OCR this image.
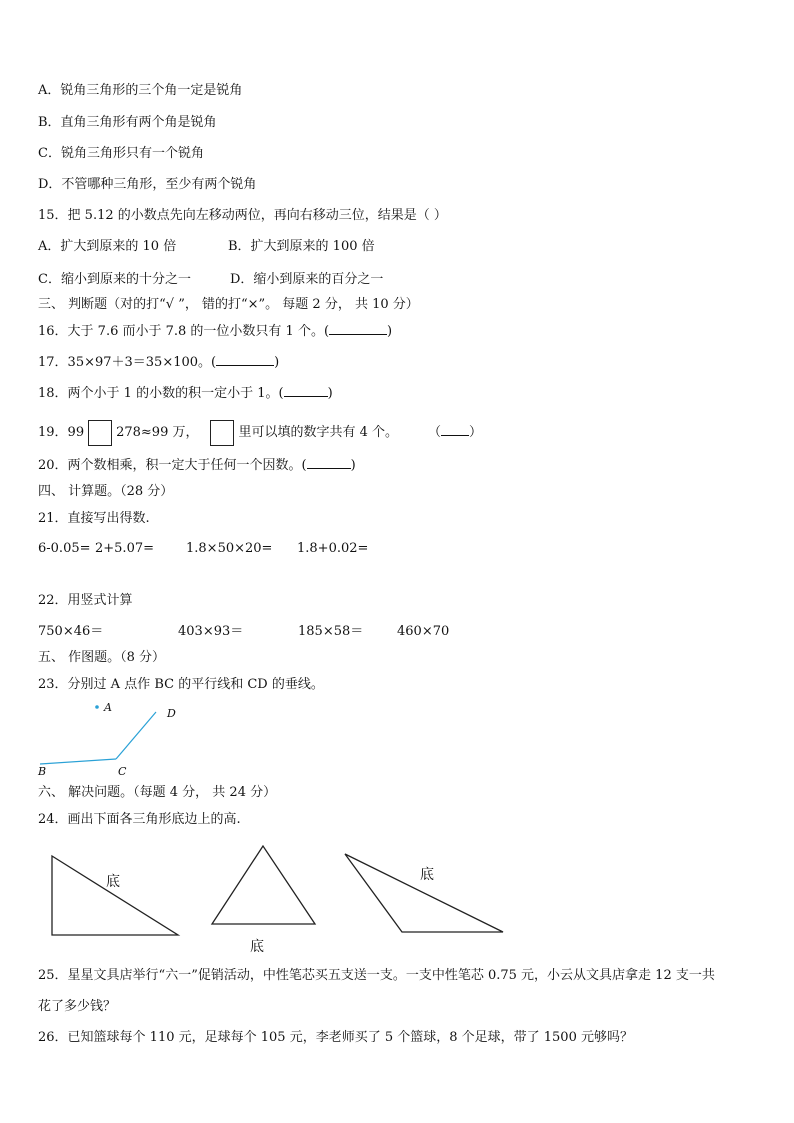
A．锐角三角形的三个角一定是锐角
B．直角三角形有两个角是锐角
C．锐角三角形只有一个锐角
D．不管哪种三角形，至少有两个锐角
15．把 5.12 的小数点先向左移动两位，再向右移动三位，结果是（ ）
A．扩大到原来的 10 倍	B．扩大到原来的 100 倍
C．缩小到原来的十分之一	D．缩小到原来的百分之一
三、 判断题（对的打“√ ”， 错的打“×”。 每题 2 分， 共 10 分）
16．大于 7.6 而小于 7.8 的一位小数只有 1 个。(	)
17．35×97＋3＝35×100。(	)
18．两个小于 1 的小数的积一定小于 1。(	)
19．99 278≈99 万，	里可以填的数字共有 4 个。 （ ）
20．两个数相乘，积一定大于任何一个因数。(	)
四、 计算题。（28 分）
21．直接写出得数.
6-0.05= 2+5.07= 1.8×50×20= 1.8+0.02=
22．用竖式计算
750×46＝	403×93＝	185×58＝	460×70
五、 作图题。（8 分）
23．分别过 A 点作 BC 的平行线和 CD 的垂线。
A
B	C
D
六、 解决问题。（每题 4 分， 共 24 分）
24．画出下面各三角形底边上的高.
底
底
底
25．星星文具店举行“六一”促销活动，中性笔芯买五支送一支。一支中性笔芯 0.75 元，小云从文具店拿走 12 支一共
花了多少钱？
26．已知篮球每个 110 元，足球每个 105 元，李老师买了 5 个篮球，8 个足球，带了 1500 元够吗？
